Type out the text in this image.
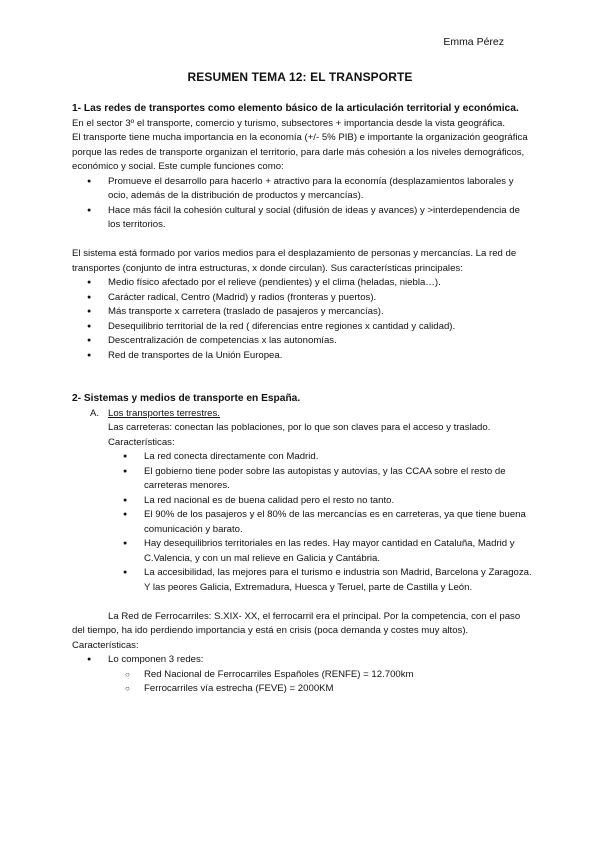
Emma Pérez
RESUMEN TEMA 12: EL TRANSPORTE

1- Las redes de transportes como elemento básico de la articulación territorial y económica.

En el sector 3º el transporte, comercio y turismo, subsectores + importancia desde la vista geográfica.

El transporte tiene mucha importancia en la economía (+/- 5% PIB) e importante la organización geográfica porque las redes de transporte organizan el territorio, para darle más cohesión a los niveles demográficos, económico y social. Este cumple funciones como:

● Promueve el desarrollo para hacerlo + atractivo para la economía (desplazamientos laborales y ocio, además de la distribución de productos y mercancías).
● Hace más fácil la cohesión cultural y social (difusión de ideas y avances) y >interdependencia de los territorios.

El sistema está formado por varios medios para el desplazamiento de personas y mercancías. La red de transportes (conjunto de intra estructuras, x donde circulan). Sus características principales:

● Medio físico afectado por el relieve (pendientes) y el clima (heladas, niebla…).
● Carácter radical, Centro (Madrid) y radios (fronteras y puertos).
● Más transporte x carretera (traslado de pasajeros y mercancías).
● Desequilibrio territorial de la red ( diferencias entre regiones x cantidad y calidad).
● Descentralización de competencias x las autonomías.
● Red de transportes de la Unión Europea.

2- Sistemas y medios de transporte en España.

A. Los transportes terrestres.

Las carreteras: conectan las poblaciones, por lo que son claves para el acceso y traslado. Características:

● La red conecta directamente con Madrid.
● El gobierno tiene poder sobre las autopistas y autovías, y las CCAA sobre el resto de carreteras menores.
● La red nacional es de buena calidad pero el resto no tanto.
● El 90% de los pasajeros y el 80% de las mercancías es en carreteras, ya que tiene buena comunicación y barato.
● Hay desequilibrios territoriales en las redes. Hay mayor cantidad en Cataluña, Madrid y C.Valencia, y con un mal relieve en Galicia y Cantábria.
● La accesibilidad, las mejores para el turismo e industria son Madrid, Barcelona y Zaragoza. Y las peores Galicia, Extremadura, Huesca y Teruel, parte de Castilla y León.

La Red de Ferrocarriles: S.XIX- XX, el ferrocarril era el principal. Por la competencia, con el paso del tiempo, ha ido perdiendo importancia y está en crisis (poca demanda y costes muy altos). Características:

● Lo componen 3 redes:
○ Red Nacional de Ferrocarriles Españoles (RENFE) = 12.700km
○ Ferrocarriles vía estrecha (FEVE) = 2000KM
